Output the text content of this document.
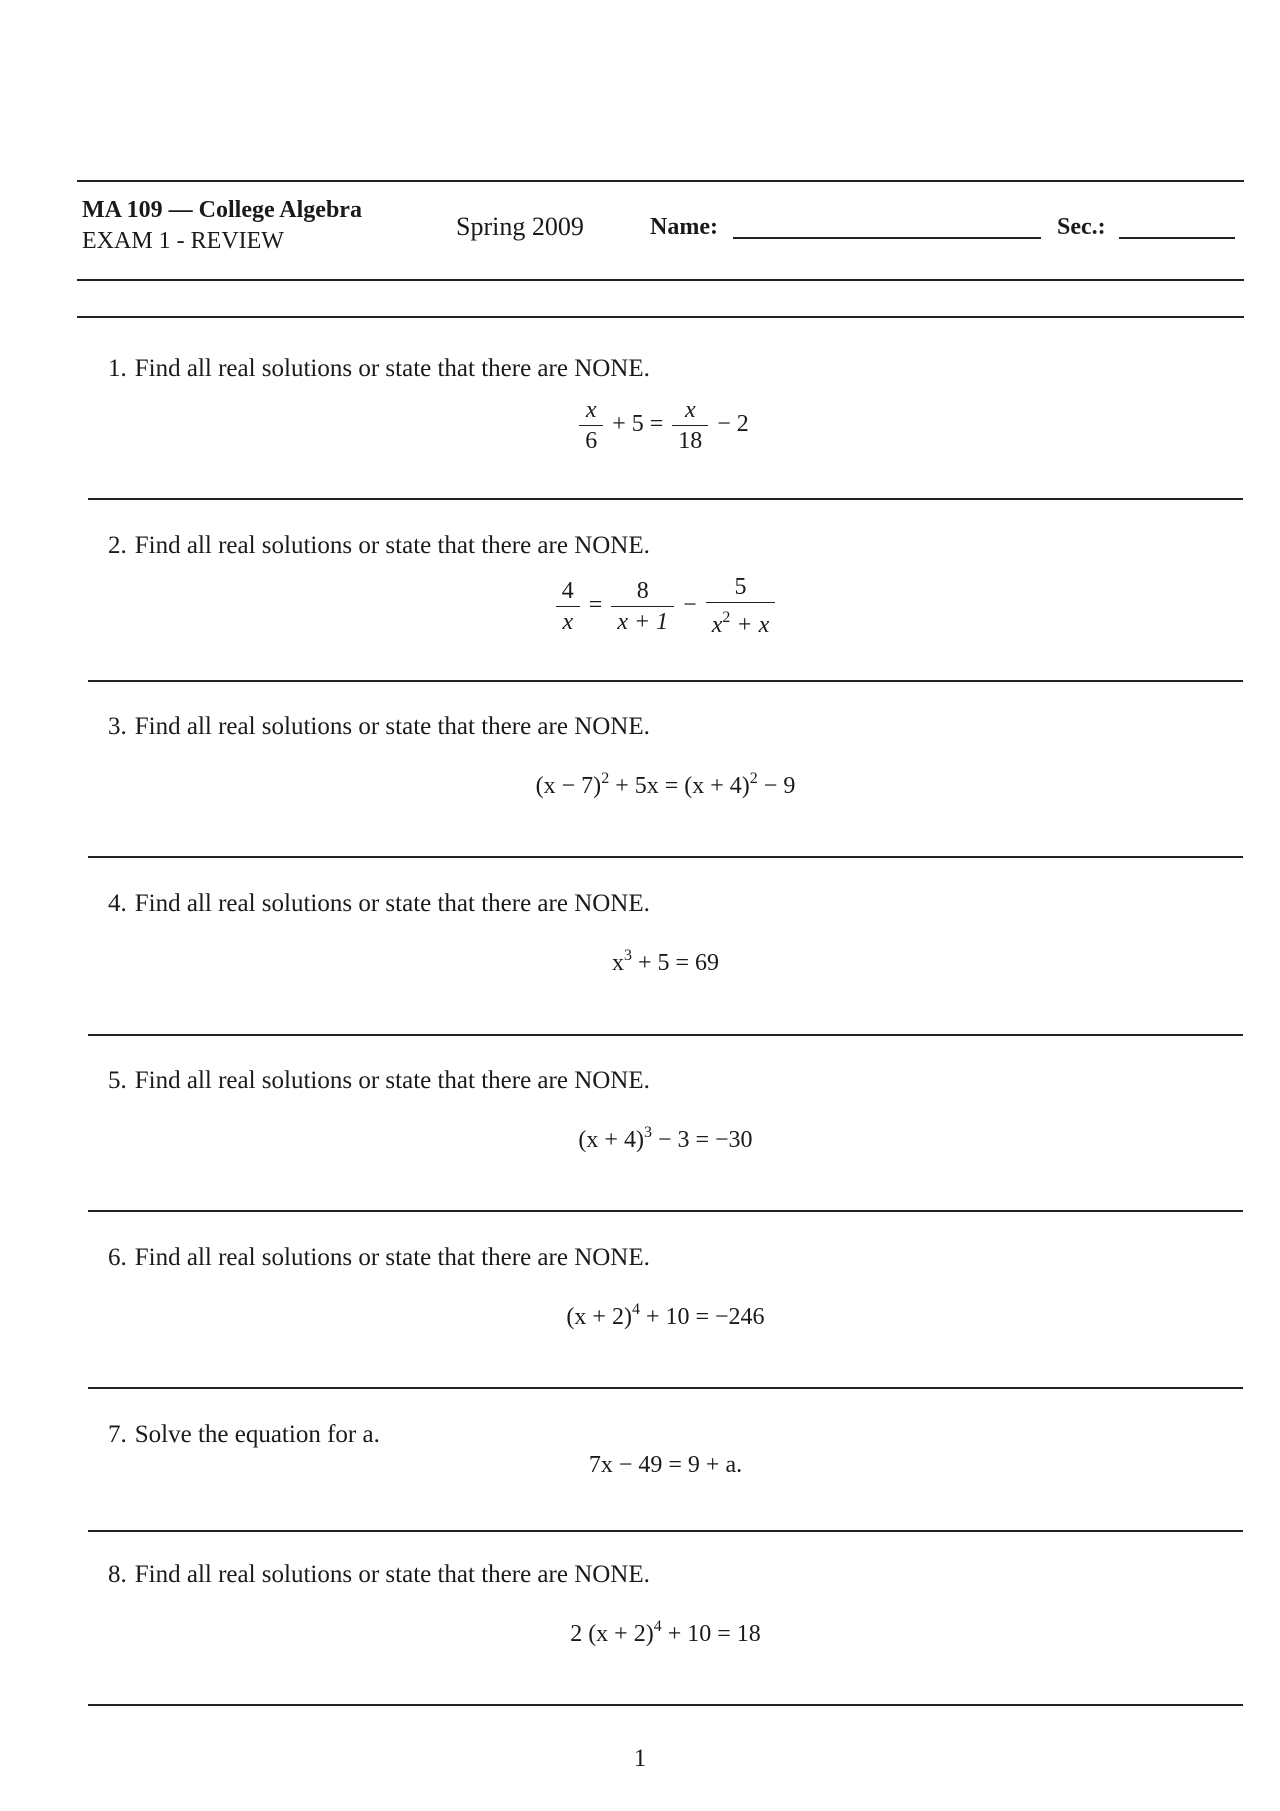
MA 109 — College Algebra
EXAM 1 - REVIEW	Spring 2009	Name:	Sec.:
1. Find all real solutions or state that there are NONE.
$\frac{x}{6} + 5 = \frac{x}{18} - 2$
2. Find all real solutions or state that there are NONE.
$\frac{4}{x} = \frac{8}{x + 1} - \frac{5}{x^2 + x}$
3. Find all real solutions or state that there are NONE.
$(x - 7)^2 + 5x = (x + 4)^2 - 9$
4. Find all real solutions or state that there are NONE.
$x^3 + 5 = 69$
5. Find all real solutions or state that there are NONE.
$(x + 4)^3 - 3 = -30$
6. Find all real solutions or state that there are NONE.
$(x + 2)^4 + 10 = -246$
7. Solve the equation for a.
7x − 49 = 9 + a.
8. Find all real solutions or state that there are NONE.
2 $(x + 2)^4 + 10 = 18$
1
